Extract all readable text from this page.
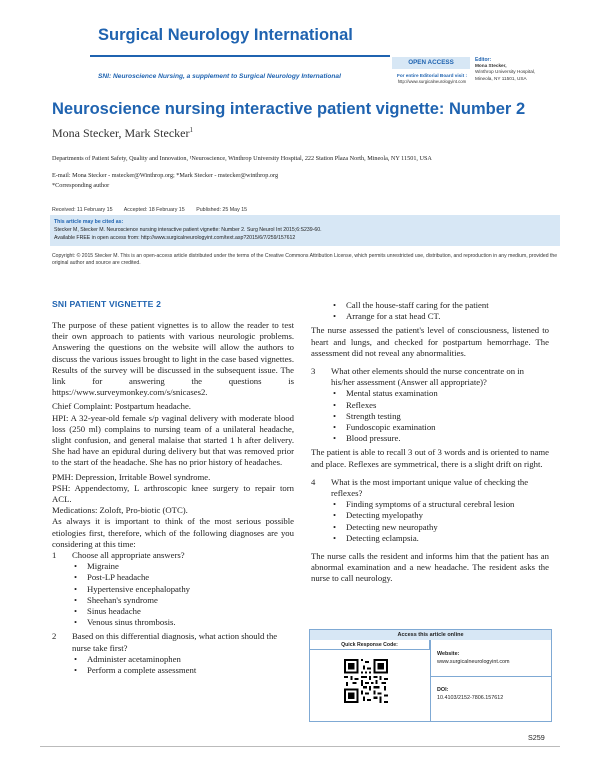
Surgical Neurology International
SNI: Neuroscience Nursing, a supplement to Surgical Neurology International
OPEN ACCESS
For entire Editorial Board visit :
http://www.surgicalneurologyint.com
Editor:
Mona Stecker,
Winthrop University Hospital,
Mineola, NY 11501, USA
Neuroscience nursing interactive patient vignette: Number 2
Mona Stecker, Mark Stecker$^1$
Departments of Patient Safety, Quality and Innovation, ¹Neuroscience, Winthrop University Hospital, 222 Station Plaza North, Mineola, NY 11501, USA
E-mail: Mona Stecker - mstecker@Winthrop.org; *Mark Stecker - mstecker@winthrop.org
*Corresponding author
Received: 11 February 15 Accepted: 18 February 15 Published: 25 May 15
This article may be cited as:
Stecker M, Stecker M. Neuroscience nursing interactive patient vignette: Number 2. Surg Neurol Int 2015;6:S239-60.
Available FREE in open access from: http://www.surgicalneurologyint.com/text.asp?2015/6/7/259/157612
Copyright: © 2015 Stecker M. This is an open-access article distributed under the terms of the Creative Commons Attribution License, which permits unrestricted use, distribution, and reproduction in any medium, provided the original author and source are credited.
SNI PATIENT VIGNETTE 2

The purpose of these patient vignettes is to allow the reader to test their own approach to patients with various neurologic problems. Answering the questions on the website will allow the authors to discuss the various issues brought to light in the case based vignettes. Results of the survey will be discussed in the subsequent issue. The link for answering the questions is https://www.surveymonkey.com/s/snicases2.

Chief Complaint: Postpartum headache.

HPI: A 32-year-old female s/p vaginal delivery with moderate blood loss (250 ml) complains to nursing team of a unilateral headache, slight confusion, and general malaise that started 1 h after delivery. She had have an epidural during delivery but that was removed prior to the start of the headache. She has no prior history of headaches.

PMH: Depression, Irritable Bowel syndrome.

PSH: Appendectomy, L arthroscopic knee surgery to repair torn ACL.

Medications: Zoloft, Pro-biotic (OTC).

As always it is important to think of the most serious possible etiologies first, therefore, which of the following diagnoses are you considering at this time:

1	Choose all appropriate answers?
• Migraine
• Post-LP headache
• Hypertensive encephalopathy
• Sheehan's syndrome
• Sinus headache
• Venous sinus thrombosis.
2	Based on this differential diagnosis, what action should the nurse take first?
• Administer acetaminophen
• Perform a complete assessment
• Call the house-staff caring for the patient
• Arrange for a stat head CT.

The nurse assessed the patient's level of consciousness, listened to heart and lungs, and checked for postpartum hemorrhage. The assessment did not reveal any abnormalities.

3	What other elements should the nurse concentrate on in his/her assessment (Answer all appropriate)?
• Mental status examination
• Reflexes
• Strength testing
• Fundoscopic examination
• Blood pressure.

The patient is able to recall 3 out of 3 words and is oriented to name and place. Reflexes are symmetrical, there is a slight drift on right.

4	What is the most important unique value of checking the reflexes?
• Finding symptoms of a structural cerebral lesion
• Detecting myelopathy
• Detecting new neuropathy
• Detecting eclampsia.

The nurse calls the resident and informs him that the patient has an abnormal examination and a new headache. The resident asks the nurse to call neurology.

Access this article online
Quick Response Code:
Website:
www.surgicalneurologyint.com
DOI:
10.4103/2152-7806.157612
S259
